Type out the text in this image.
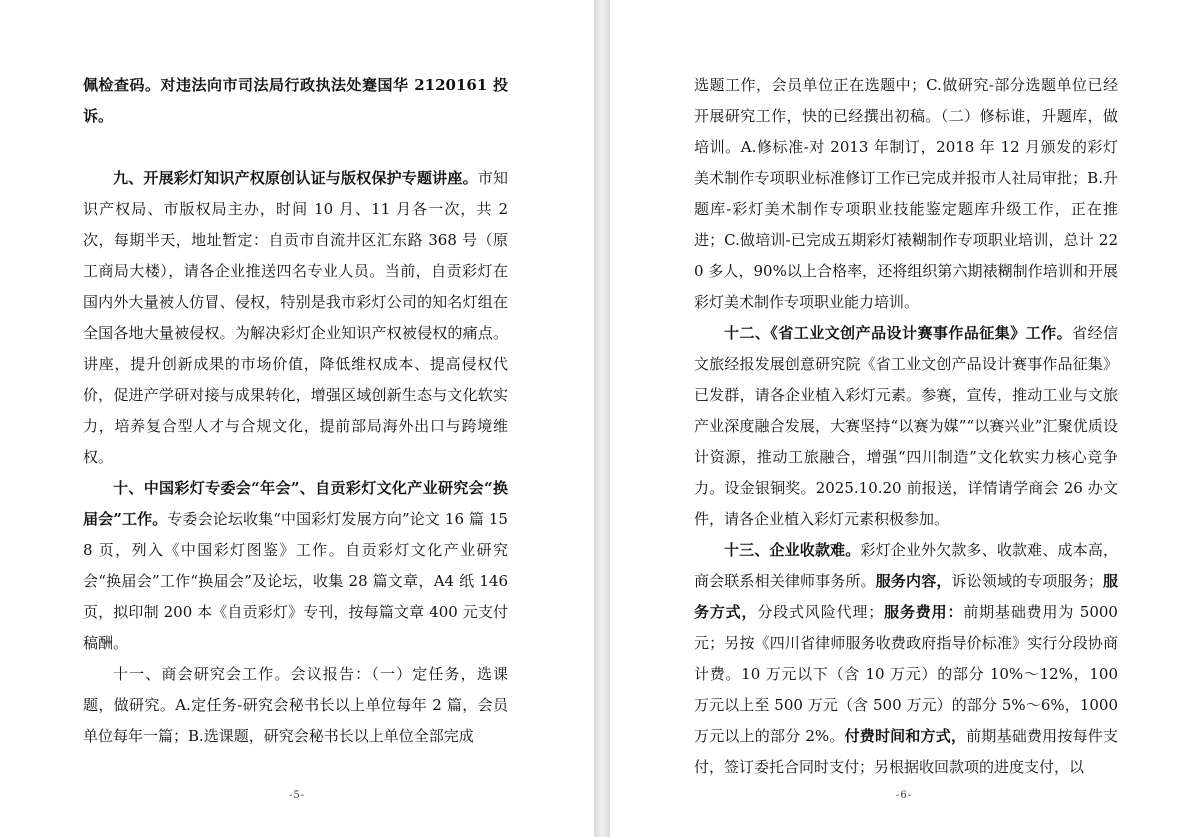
佩检查码。对违法向市司法局行政执法处蹇国华 2120161 投诉。

九、开展彩灯知识产权原创认证与版权保护专题讲座。市知识产权局、市版权局主办，时间 10 月、11 月各一次，共 2 次，每期半天，地址暂定：自贡市自流井区汇东路 368 号（原工商局大楼），请各企业推送四名专业人员。当前，自贡彩灯在国内外大量被人仿冒、侵权，特别是我市彩灯公司的知名灯组在全国各地大量被侵权。为解决彩灯企业知识产权被侵权的痛点。讲座，提升创新成果的市场价值，降低维权成本、提高侵权代价，促进产学研对接与成果转化，增强区域创新生态与文化软实力，培养复合型人才与合规文化，提前部局海外出口与跨境维权。

十、中国彩灯专委会“年会”、自贡彩灯文化产业研究会“换届会”工作。专委会论坛收集“中国彩灯发展方向”论文 16 篇 158 页，列入《中国彩灯图鉴》工作。自贡彩灯文化产业研究会“换届会”工作“换届会”及论坛，收集 28 篇文章，A4 纸 146 页，拟印制 200 本《自贡彩灯》专刊，按每篇文章 400 元支付稿酬。

十一、商会研究会工作。会议报告：（一）定任务，选课题，做研究。A.定任务-研究会秘书长以上单位每年 2 篇，会员单位每年一篇；B.选课题，研究会秘书长以上单位全部完成

-5-

选题工作，会员单位正在选题中；C.做研究-部分选题单位已经开展研究工作，快的已经撰出初稿。（二）修标谁，升题库，做培训。A.修标准-对 2013 年制订，2018 年 12 月颁发的彩灯美术制作专项职业标准修订工作已完成并报市人社局审批；B.升题库-彩灯美术制作专项职业技能鉴定题库升级工作，正在推进；C.做培训-已完成五期彩灯裱糊制作专项职业培训，总计 220 多人，90%以上合格率，还将组织第六期裱糊制作培训和开展彩灯美术制作专项职业能力培训。

十二、《省工业文创产品设计赛事作品征集》工作。省经信文旅经报发展创意研究院《省工业文创产品设计赛事作品征集》已发群，请各企业植入彩灯元素。参赛，宣传，推动工业与文旅产业深度融合发展，大赛坚持“以赛为媒”“以赛兴业”汇聚优质设计资源，推动工旅融合，增强“四川制造”文化软实力核心竞争力。设金银铜奖。2025.10.20 前报送，详情请学商会 26 办文件，请各企业植入彩灯元素积极参加。

十三、企业收款难。彩灯企业外欠款多、收款难、成本高，商会联系相关律师事务所。服务内容，诉讼领域的专项服务；服务方式，分段式风险代理；服务费用：前期基础费用为 5000 元；另按《四川省律师服务收费政府指导价标准》实行分段协商计费。10 万元以下（含 10 万元）的部分 10%～12%，100 万元以上至 500 万元（含 500 万元）的部分 5%～6%，1000 万元以上的部分 2%。付费时间和方式，前期基础费用按每件支付，签订委托合同时支付；另根据收回款项的进度支付，以

-6-
